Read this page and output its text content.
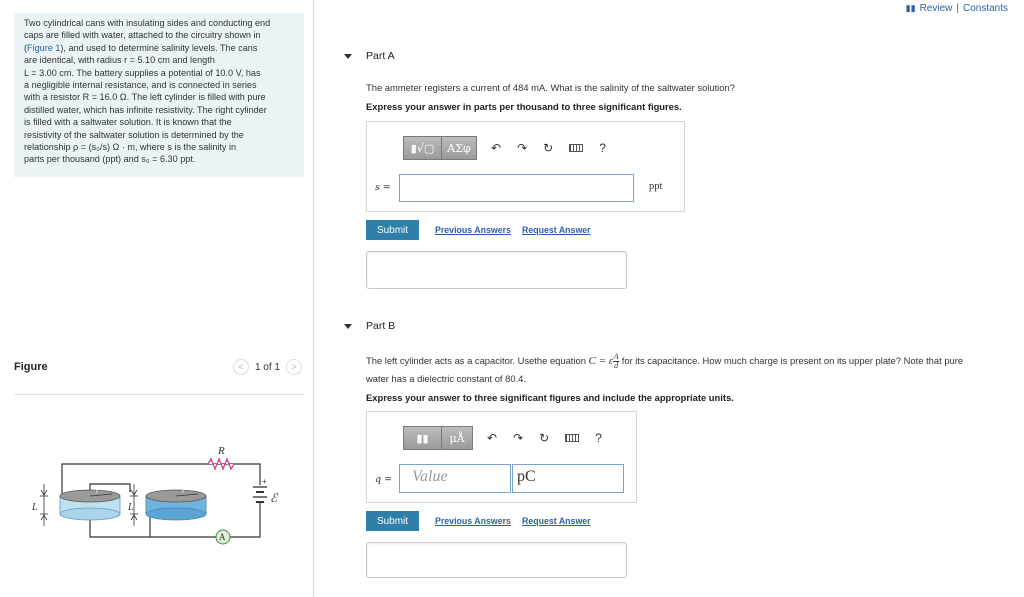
▮▮ Review | Constants
Two cylindrical cans with insulating sides and conducting end
caps are filled with water, attached to the circuitry shown in
(Figure 1), and used to determine salinity levels. The cans
are identical, with radius r = 5.10 cm and length
L = 3.00 cm. The battery supplies a potential of 10.0 V, has
a negligible internal resistance, and is connected in series
with a resistor R = 16.0 Ω. The left cylinder is filled with pure
distilled water, which has infinite resistivity. The right cylinder
is filled with a saltwater solution. It is known that the
resistivity of the saltwater solution is determined by the
relationship ρ = (s₀/s) Ω · m, where s is the salinity in
parts per thousand (ppt) and s₀ = 6.30 ppt.
Figure	<	1 of 1	>
R
+
ℰ
A
r	r
L	L
Part A
The ammeter registers a current of 484 mA. What is the salinity of the saltwater solution?
Express your answer in parts per thousand to three significant figures.
▮√▢	AΣφ	↶ ↷ ↻	?
s =	ppt
Submit	Previous Answers Request Answer
Part B
The left cylinder acts as a capacitor. Usethe equation C = ε $\frac{A}{d}$ for its capacitance. How much charge is present on its upper plate? Note that pure
water has a dielectric constant of 80.4.
Express your answer to three significant figures and include the appropriate units.
▮▮	μÅ	↶ ↷ ↻	?
q =	Value	pC
Submit	Previous Answers Request Answer
